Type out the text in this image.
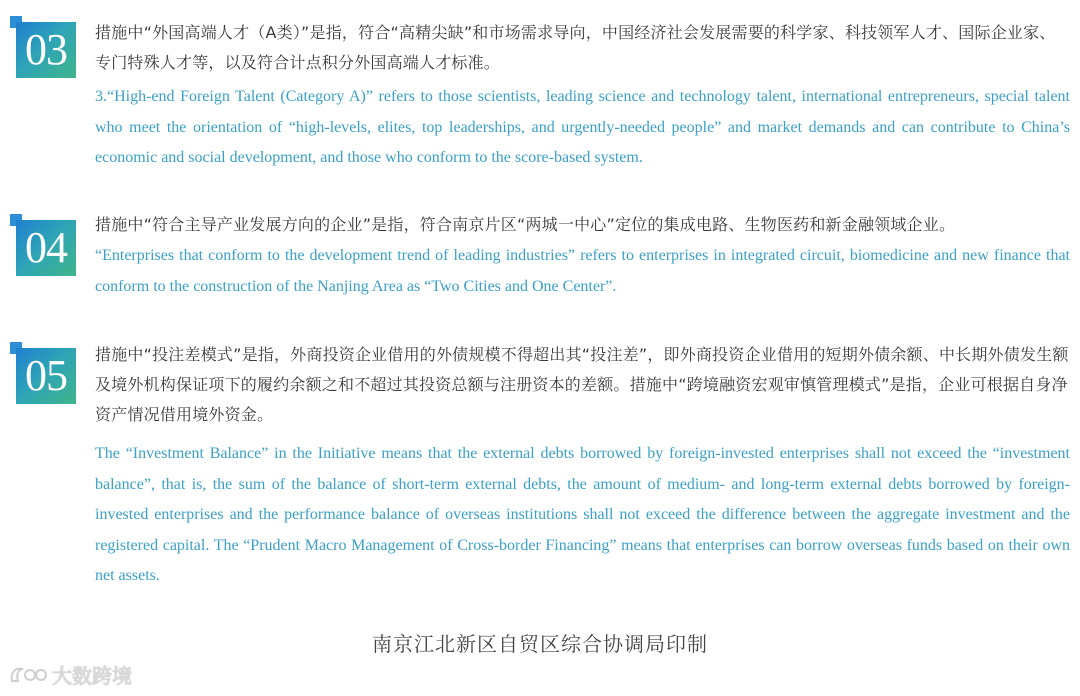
03	措施中“外国高端人才（A类）”是指，符合“高精尖缺”和市场需求导向，中国经济社会发展需要的科学家、科技领军人才、国际企业家、专门特殊人才等，以及符合计点积分外国高端人才标准。
3.“High-end Foreign Talent (Category A)” refers to those scientists, leading science and technology talent, international entrepreneurs, special talent who meet the orientation of “high-levels, elites, top leaderships, and urgently-needed people” and market demands and can contribute to China’s economic and social development, and those who conform to the score-based system.
04	措施中“符合主导产业发展方向的企业”是指，符合南京片区“两城一中心”定位的集成电路、生物医药和新金融领域企业。
“Enterprises that conform to the development trend of leading industries” refers to enterprises in integrated circuit, biomedicine and new finance that conform to the construction of the Nanjing Area as “Two Cities and One Center”.
05	措施中“投注差模式”是指，外商投资企业借用的外债规模不得超出其“投注差”，即外商投资企业借用的短期外债余额、中长期外债发生额及境外机构保证项下的履约余额之和不超过其投资总额与注册资本的差额。措施中“跨境融资宏观审慎管理模式”是指，企业可根据自身净资产情况借用境外资金。
The “Investment Balance” in the Initiative means that the external debts borrowed by foreign-invested enterprises shall not exceed the “investment balance”, that is, the sum of the balance of short-term external debts, the amount of medium- and long-term external debts borrowed by foreign-invested enterprises and the performance balance of overseas institutions shall not exceed the difference between the aggregate investment and the registered capital. The “Prudent Macro Management of Cross-border Financing” means that enterprises can borrow overseas funds based on their own net assets.
南京江北新区自贸区综合协调局印制
大数跨境
